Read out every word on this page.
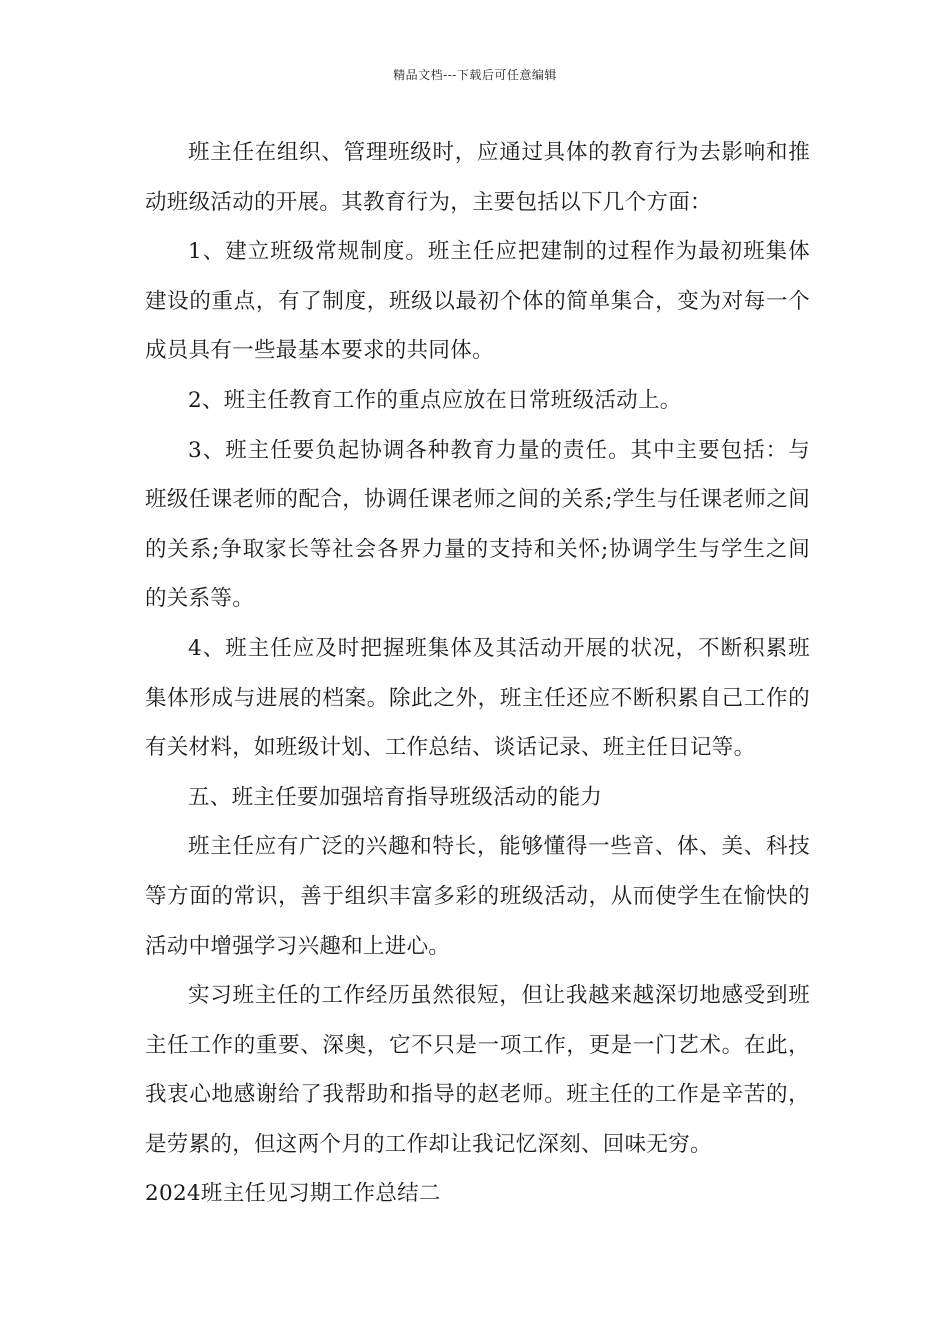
精品文档---下载后可任意编辑

班主任在组织、管理班级时，应通过具体的教育行为去影响和推动班级活动的开展。其教育行为，主要包括以下几个方面：

1、建立班级常规制度。班主任应把建制的过程作为最初班集体建设的重点，有了制度，班级以最初个体的简单集合，变为对每一个成员具有一些最基本要求的共同体。

2、班主任教育工作的重点应放在日常班级活动上。

3、班主任要负起协调各种教育力量的责任。其中主要包括：与班级任课老师的配合，协调任课老师之间的关系;学生与任课老师之间的关系;争取家长等社会各界力量的支持和关怀;协调学生与学生之间的关系等。

4、班主任应及时把握班集体及其活动开展的状况，不断积累班集体形成与进展的档案。除此之外，班主任还应不断积累自己工作的有关材料，如班级计划、工作总结、谈话记录、班主任日记等。

五、班主任要加强培育指导班级活动的能力

班主任应有广泛的兴趣和特长，能够懂得一些音、体、美、科技等方面的常识，善于组织丰富多彩的班级活动，从而使学生在愉快的活动中增强学习兴趣和上进心。

实习班主任的工作经历虽然很短，但让我越来越深切地感受到班主任工作的重要、深奥，它不只是一项工作，更是一门艺术。在此，我衷心地感谢给了我帮助和指导的赵老师。班主任的工作是辛苦的，是劳累的，但这两个月的工作却让我记忆深刻、回味无穷。

2024班主任见习期工作总结二
